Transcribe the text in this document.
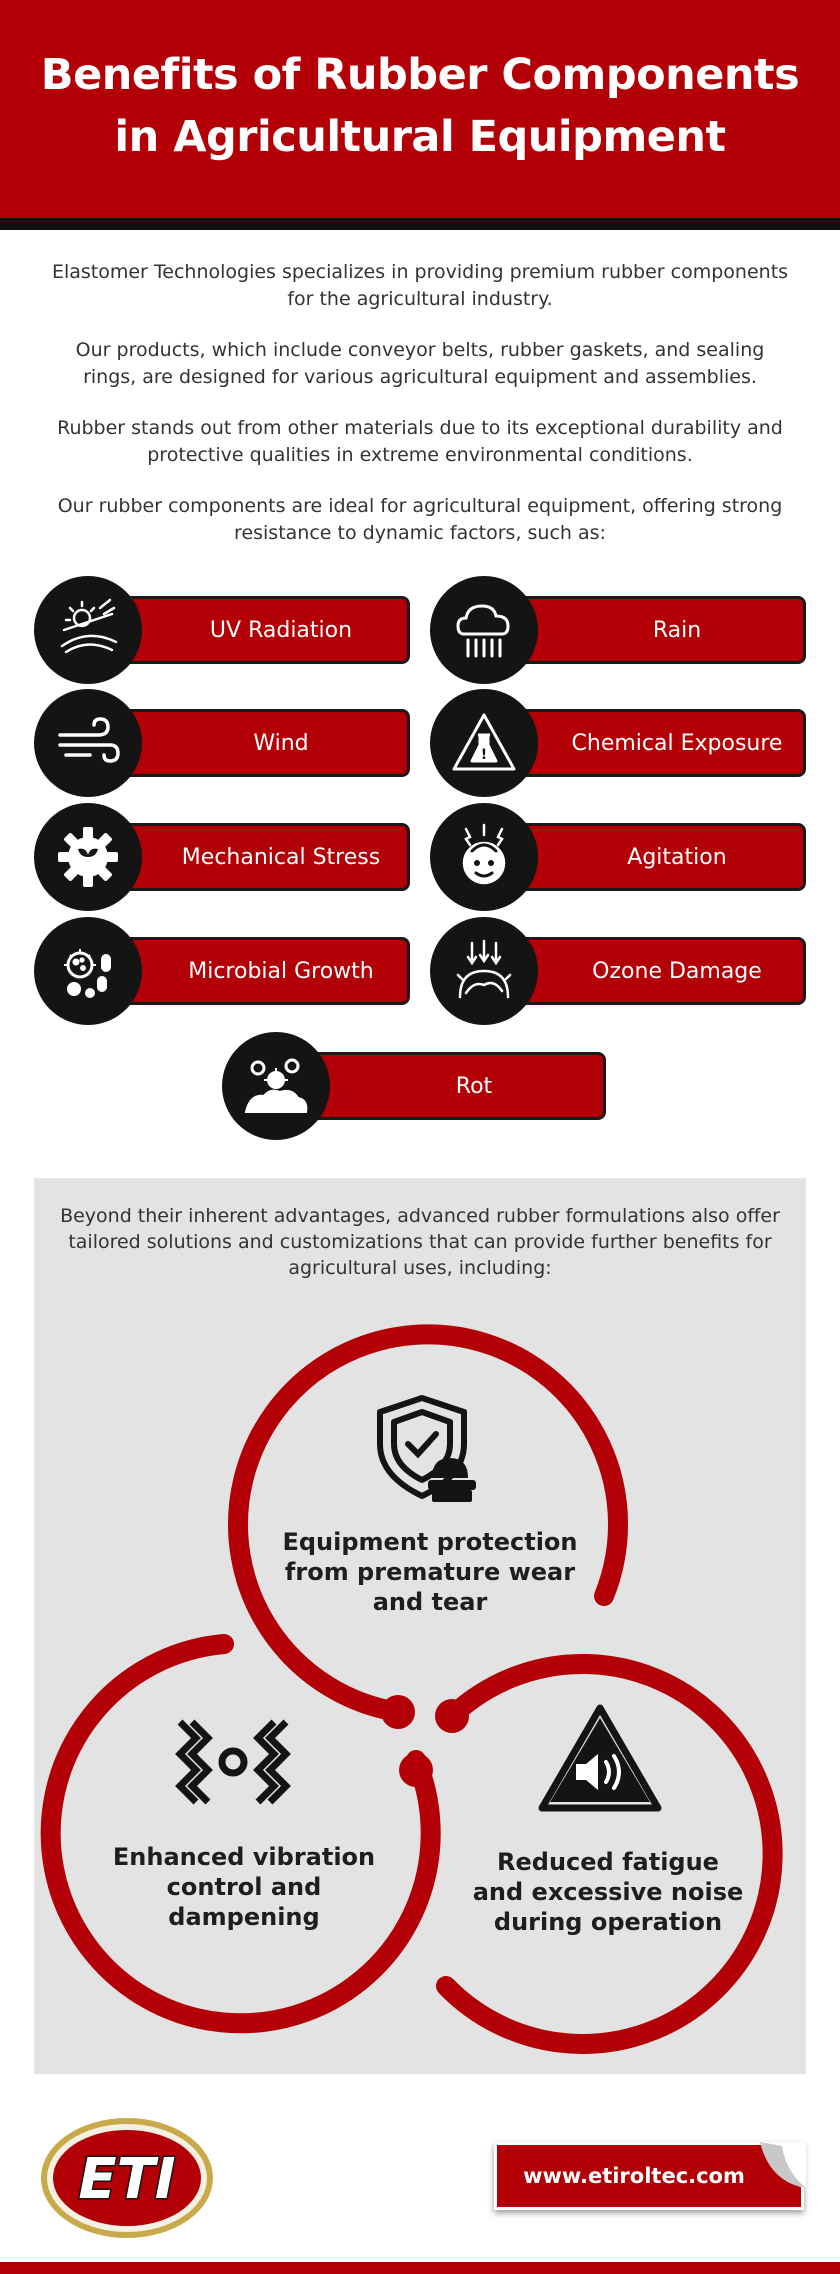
Benefits of Rubber Components
in Agricultural Equipment

Elastomer Technologies specializes in providing premium rubber components for the agricultural industry.

Our products, which include conveyor belts, rubber gaskets, and sealing rings, are designed for various agricultural equipment and assemblies.

Rubber stands out from other materials due to its exceptional durability and protective qualities in extreme environmental conditions.

Our rubber components are ideal for agricultural equipment, offering strong resistance to dynamic factors, such as:

UV Radiation	Rain
Wind	Chemical Exposure
!
Mechanical Stress	Agitation
Microbial Growth	Ozone Damage
Rot

Beyond their inherent advantages, advanced rubber formulations also offer tailored solutions and customizations that can provide further benefits for agricultural uses, including:

Equipment protection from premature wear and tear

Enhanced vibration control and dampening

Reduced fatigue and excessive noise during operation

ETI	www.etiroltec.com
